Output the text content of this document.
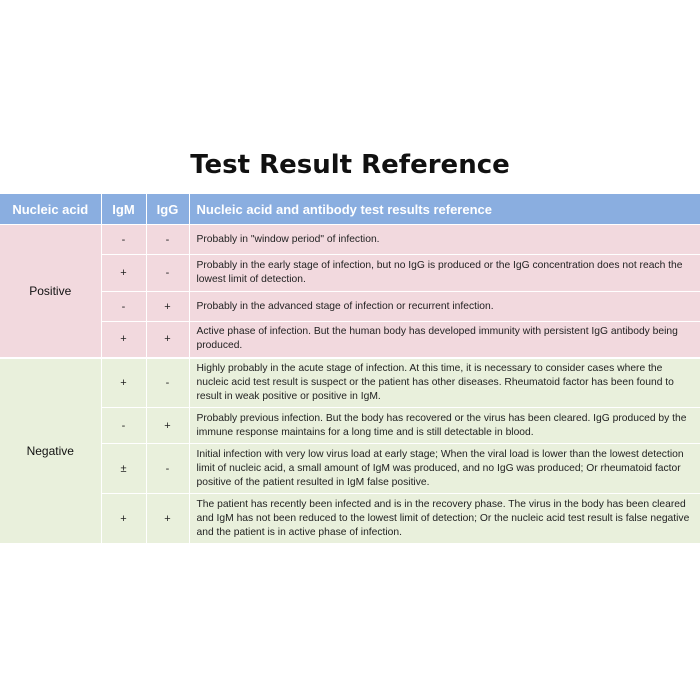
Test Result Reference
Nucleic acid	IgM	IgG	Nucleic acid and antibody test results reference
Positive	-	-	Probably in "window period" of infection.
	+	-	Probably in the early stage of infection, but no IgG is produced or the IgG concentration does not reach the lowest limit of detection.
	-	+	Probably in the advanced stage of infection or recurrent infection.
	+	+	Active phase of infection. But the human body has developed immunity with persistent IgG antibody being produced.
Negative	+	-	Highly probably in the acute stage of infection. At this time, it is necessary to consider cases where the nucleic acid test result is suspect or the patient has other diseases. Rheumatoid factor has been found to result in weak positive or positive in IgM.
	-	+	Probably previous infection. But the body has recovered or the virus has been cleared. IgG produced by the immune response maintains for a long time and is still detectable in blood.
	±	-	Initial infection with very low virus load at early stage; When the viral load is lower than the lowest detection limit of nucleic acid, a small amount of IgM was produced, and no IgG was produced; Or rheumatoid factor positive of the patient resulted in IgM false positive.
	+	+	The patient has recently been infected and is in the recovery phase. The virus in the body has been cleared and IgM has not been reduced to the lowest limit of detection; Or the nucleic acid test result is false negative and the patient is in active phase of infection.
